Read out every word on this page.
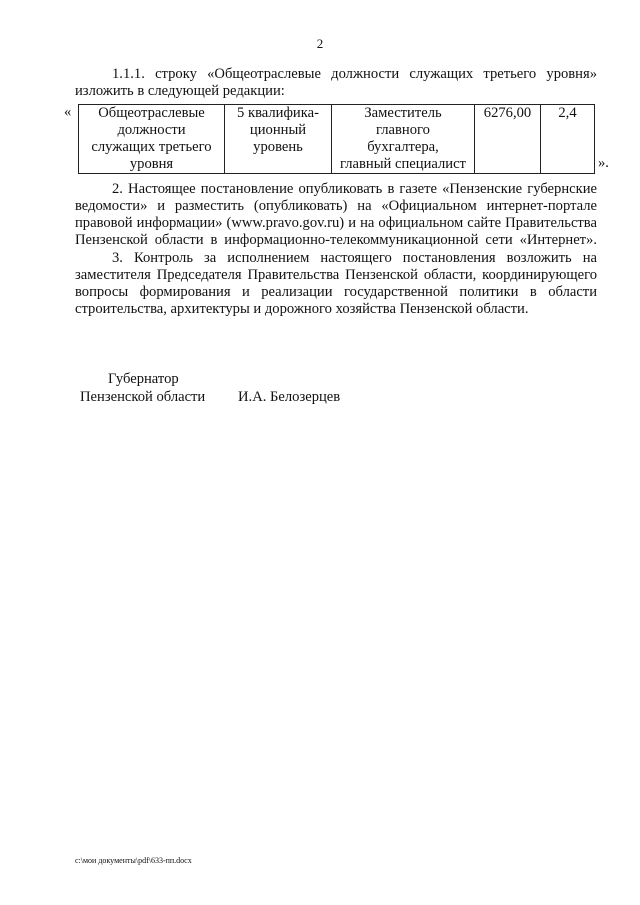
2
1.1.1. строку «Общеотраслевые должности служащих третьего уровня»
изложить в следующей редакции:
«	Общеотраслевые
должности
служащих третьего
уровня

5 квалифика-
ционный
уровень

Заместитель
главного
бухгалтера,
главный специалист

6276,00	2,4
».
2. Настоящее постановление опубликовать в газете «Пензенские губернские
ведомости» и разместить (опубликовать) на «Официальном интернет-портале
правовой информации» (www.pravo.gov.ru) и на официальном сайте Правительства
Пензенской области в информационно-телекоммуникационной сети «Интернет».
3. Контроль за исполнением настоящего постановления возложить на
заместителя Председателя Правительства Пензенской области, координирующего
вопросы формирования и реализации государственной политики в области
строительства, архитектуры и дорожного хозяйства Пензенской области.
Губернатор
Пензенской области И.А. Белозерцев
c:\мои документы\pdf\633-пп.docx
